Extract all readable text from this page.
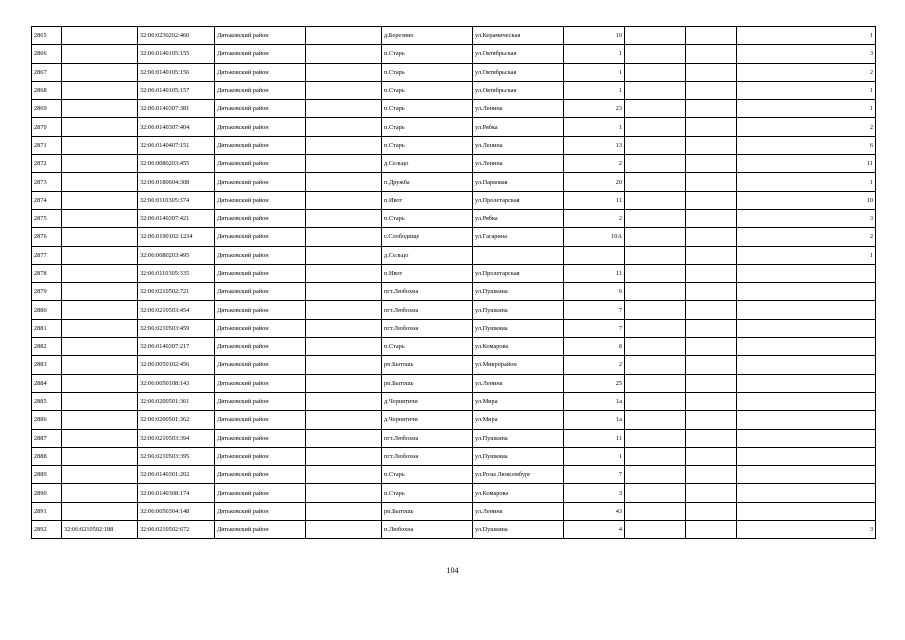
2865		32:06:0230202:460	Дятьковский район		д.Березино	ул.Керамическая	10			1
2866		32:06:0140105:155	Дятьковский район		п.Старь	ул.Октябрьская	1			3
2867		32:06:0140105:156	Дятьковский район		п.Старь	ул.Октябрьская	1			2
2868		32:06:0140105:157	Дятьковский район		п.Старь	ул.Октябрьская	1			1
2869		32:06:0140307:381	Дятьковский район		п.Старь	ул.Ленина	23			1
2870		32:06:0140307:404	Дятьковский район		п.Старь	ул.Рябка	1			2
2871		32:06:0140407:151	Дятьковский район		п.Старь	ул.Ленина	13			6
2872		32:06:0080203:455	Дятьковский район		д.Сельцо	ул.Ленина	2			11
2873		32:06:0180604:308	Дятьковский район		п.Дружба	ул.Парковая	20			1
2874		32:06:0110305:374	Дятьковский район		п.Ивот	ул.Пролетарская	11			10
2875		32:06:0140307:421	Дятьковский район		п.Старь	ул.Рябка	2			3
2876		32:06:0190102:1234	Дятьковский район		с.Слободище	ул.Гагарина	10А			2
2877		32:06:0080203:495	Дятьковский район		д.Сельцо					1
2878		32:06:0110305:335	Дятьковский район		п.Ивот	ул.Пролетарская	11			
2879		32:06:0210502:721	Дятьковский район		пгт.Любохна	ул.Пушкина	6			
2880		32:06:0210503:454	Дятьковский район		пгт.Любохна	ул.Пушкина	7			
2881		32:06:0210503:459	Дятьковский район		пгт.Любохна	ул.Пушкина	7			
2882		32:06:0140307:217	Дятьковский район		п.Старь	ул.Комарова	8			
2883		32:06:0050102:456	Дятьковский район		рп.Бытошь	ул.Микрорайон	2			
2884		32:06:0050108:143	Дятьковский район		рп.Бытошь	ул.Ленина	25			
2885		32:06:0200501:361	Дятьковский район		д.Чернятичи	ул.Мира	1а			
2886		32:06:0200501:362	Дятьковский район		д.Чернятичи	ул.Мира	1а			
2887		32:06:0210503:394	Дятьковский район		пгт.Любохна	ул.Пушкина	11			
2888		32:06:0210503:395	Дятьковский район		пгт.Любохна	ул.Пушкина	1			
2889		32:06:0140301:202	Дятьковский район		п.Старь	ул.Розы Люксембург	7			
2890		32:06:0140308:174	Дятьковский район		п.Старь	ул.Комарова	3			
2891		32:06:0050304:148	Дятьковский район		рп.Бытошь	ул.Ленина	43			
2892	32:06:0210502:188	32:06:0210502:672	Дятьковский район		п.Любохна	ул.Пушкина	4			3
104
